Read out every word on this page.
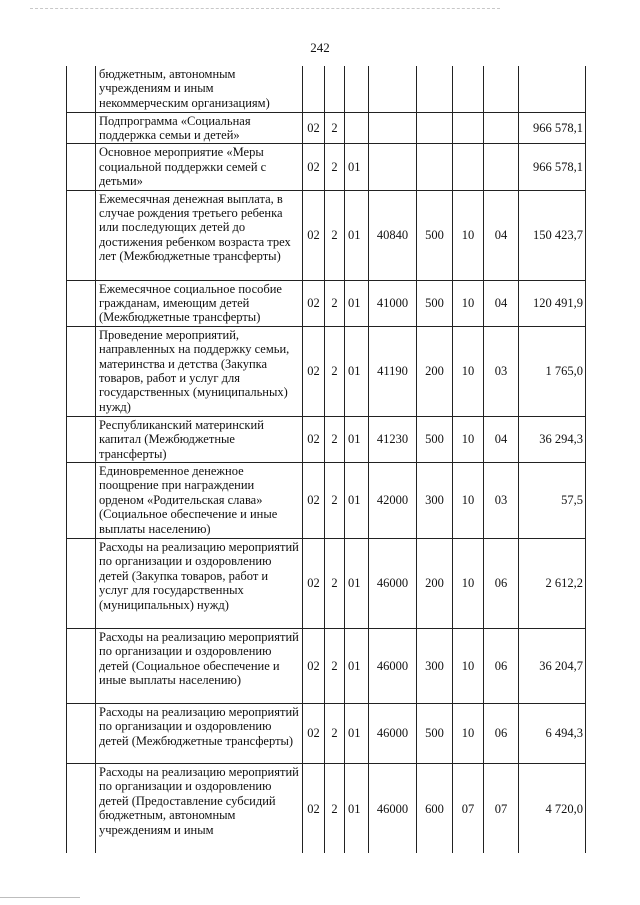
242
	бюджетным, автономным учреждениям и иным некоммерческим организациям)								
	Подпрограмма «Социальная поддержка семьи и детей»	02	2						966 578,1
	Основное мероприятие «Меры социальной поддержки семей с детьми»	02	2	01					966 578,1
	Ежемесячная денежная выплата, в случае рождения третьего ребенка или последующих детей до достижения ребенком возраста трех лет (Межбюджетные трансферты)	02	2	01	40840	500	10	04	150 423,7
	Ежемесячное социальное пособие гражданам, имеющим детей (Межбюджетные трансферты)	02	2	01	41000	500	10	04	120 491,9
	Проведение мероприятий, направленных на поддержку семьи, материнства и детства (Закупка товаров, работ и услуг для государственных (муниципальных) нужд)	02	2	01	41190	200	10	03	1 765,0
	Республиканский материнский капитал (Межбюджетные трансферты)	02	2	01	41230	500	10	04	36 294,3
	Единовременное денежное поощрение при награждении орденом «Родительская слава» (Социальное обеспечение и иные выплаты населению)	02	2	01	42000	300	10	03	57,5
	Расходы на реализацию мероприятий по организации и оздоровлению детей (Закупка товаров, работ и услуг для государственных (муниципальных) нужд)	02	2	01	46000	200	10	06	2 612,2
	Расходы на реализацию мероприятий по организации и оздоровлению детей (Социальное обеспечение и иные выплаты населению)	02	2	01	46000	300	10	06	36 204,7
	Расходы на реализацию мероприятий по организации и оздоровлению детей (Межбюджетные трансферты)	02	2	01	46000	500	10	06	6 494,3
	Расходы на реализацию мероприятий по организации и оздоровлению детей (Предоставление субсидий бюджетным, автономным учреждениям и иным	02	2	01	46000	600	07	07	4 720,0
